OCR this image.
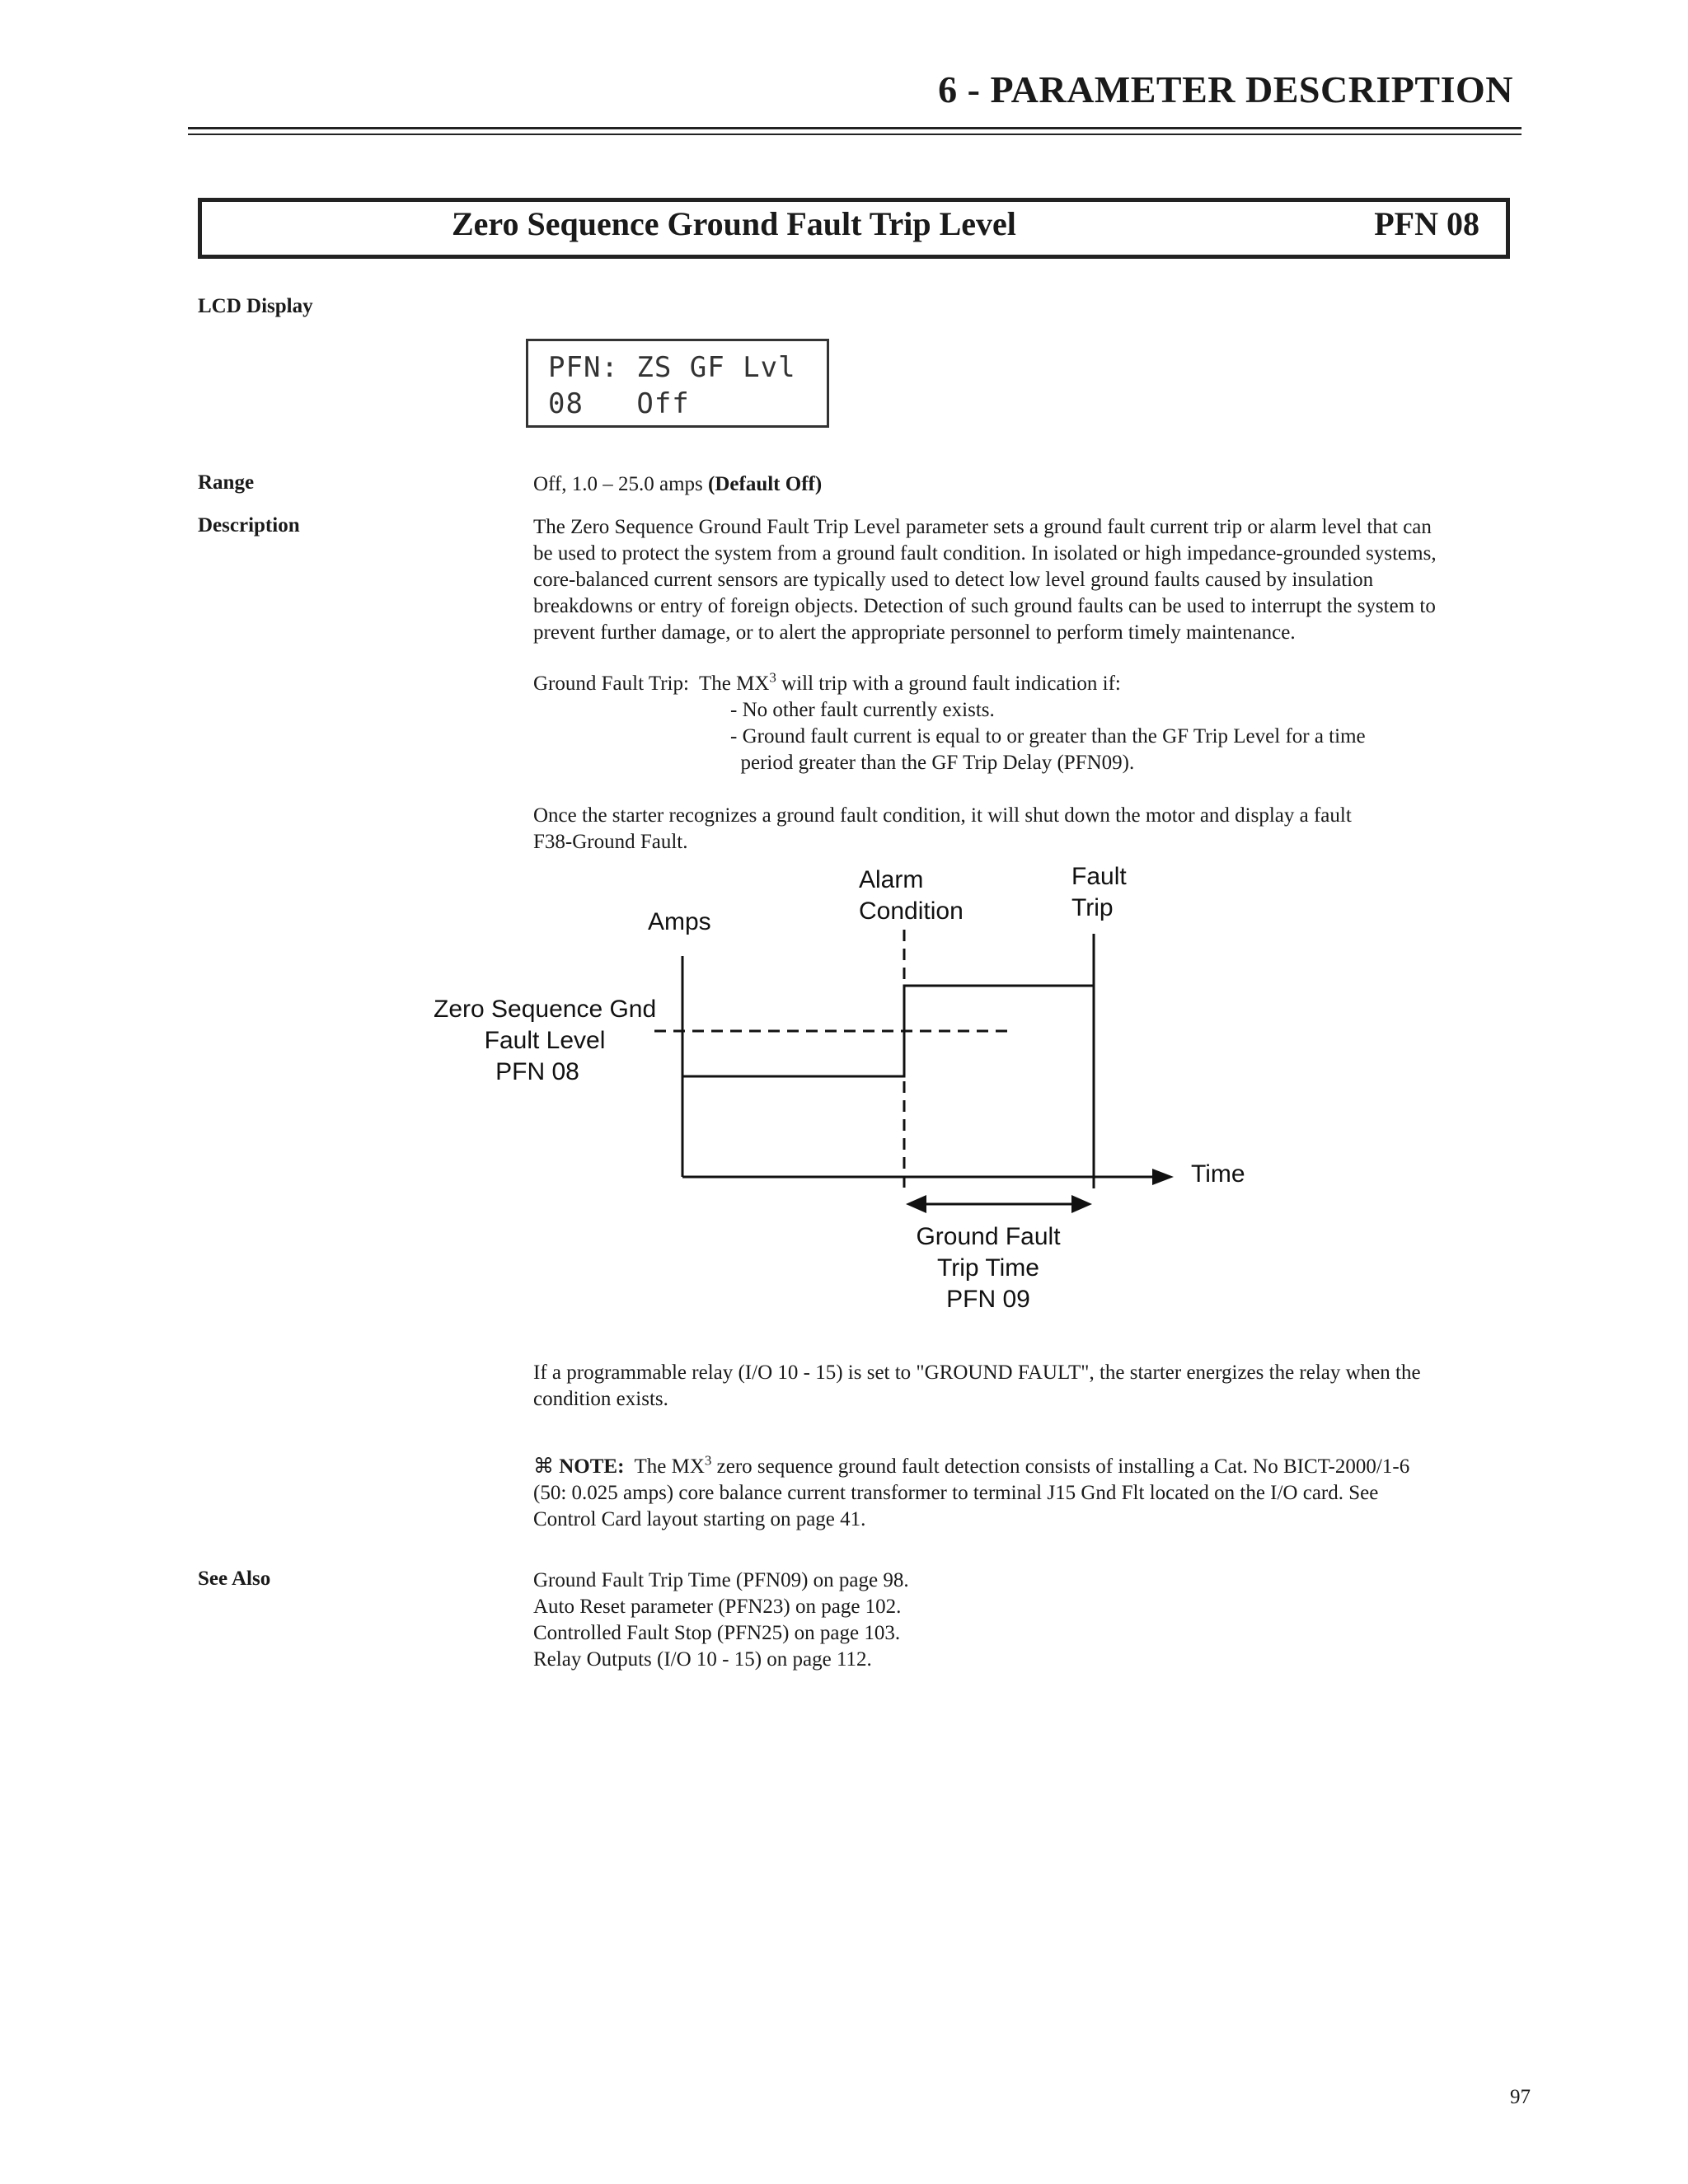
6 - PARAMETER DESCRIPTION
Zero Sequence Ground Fault Trip Level	PFN 08
LCD Display
Range
Description
See Also
PFN: ZS GF Lvl
08   Off
Off, 1.0 – 25.0 amps (Default Off)
The Zero Sequence Ground Fault Trip Level parameter sets a ground fault current trip or alarm level that can
be used to protect the system from a ground fault condition. In isolated or high impedance-grounded systems,
core-balanced current sensors are typically used to detect low level ground faults caused by insulation
breakdowns or entry of foreign objects. Detection of such ground faults can be used to interrupt the system to
prevent further damage, or to alert the appropriate personnel to perform timely maintenance.
Ground Fault Trip:  The $MX^3$ will trip with a ground fault indication if:
- No other fault currently exists.
- Ground fault current is equal to or greater than the GF Trip Level for a time
period greater than the GF Trip Delay (PFN09).
Once the starter recognizes a ground fault condition, it will shut down the motor and display a fault
F38-Ground Fault.
Alarm
Condition
Fault
Trip
Amps
Zero Sequence Gnd
Fault Level
PFN 08
Time
Ground Fault
Trip Time
PFN 09
If a programmable relay (I/O 10 - 15) is set to "GROUND FAULT", the starter energizes the relay when the
condition exists.
⌘ NOTE:  The $MX^3$ zero sequence ground fault detection consists of installing a Cat. No BICT-2000/1-6
(50: 0.025 amps) core balance current transformer to terminal J15 Gnd Flt located on the I/O card. See
Control Card layout starting on page 41.
Ground Fault Trip Time (PFN09) on page 98.
Auto Reset parameter (PFN23) on page 102.
Controlled Fault Stop (PFN25) on page 103.
Relay Outputs (I/O 10 - 15) on page 112.
97
